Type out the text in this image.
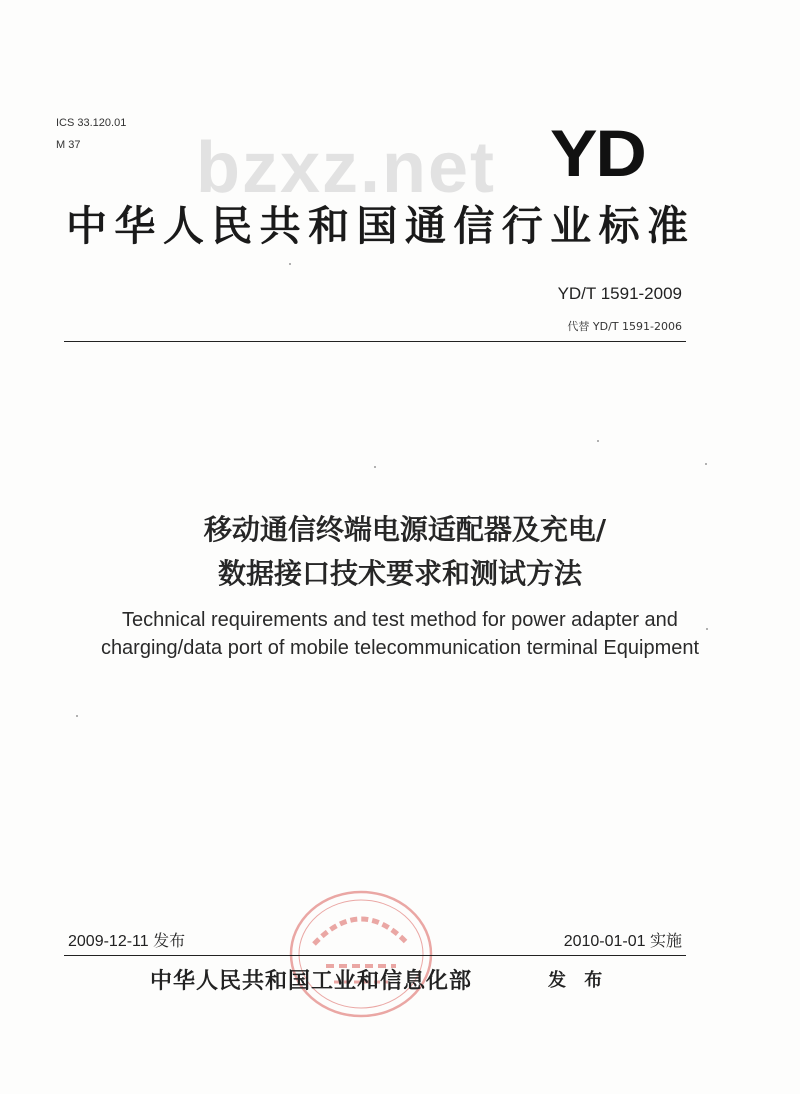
ICS 33.120.01
M 37	bzxz.net YD
中华人民共和国通信行业标准
YD/T 1591-2009
代替 YD/T 1591-2006
移动通信终端电源适配器及充电/
数据接口技术要求和测试方法
Technical requirements and test method for power adapter and
charging/data port of mobile telecommunication terminal Equipment
2009-12-11 发布	2010-01-01 实施
中华人民共和国工业和信息化部	发 布
